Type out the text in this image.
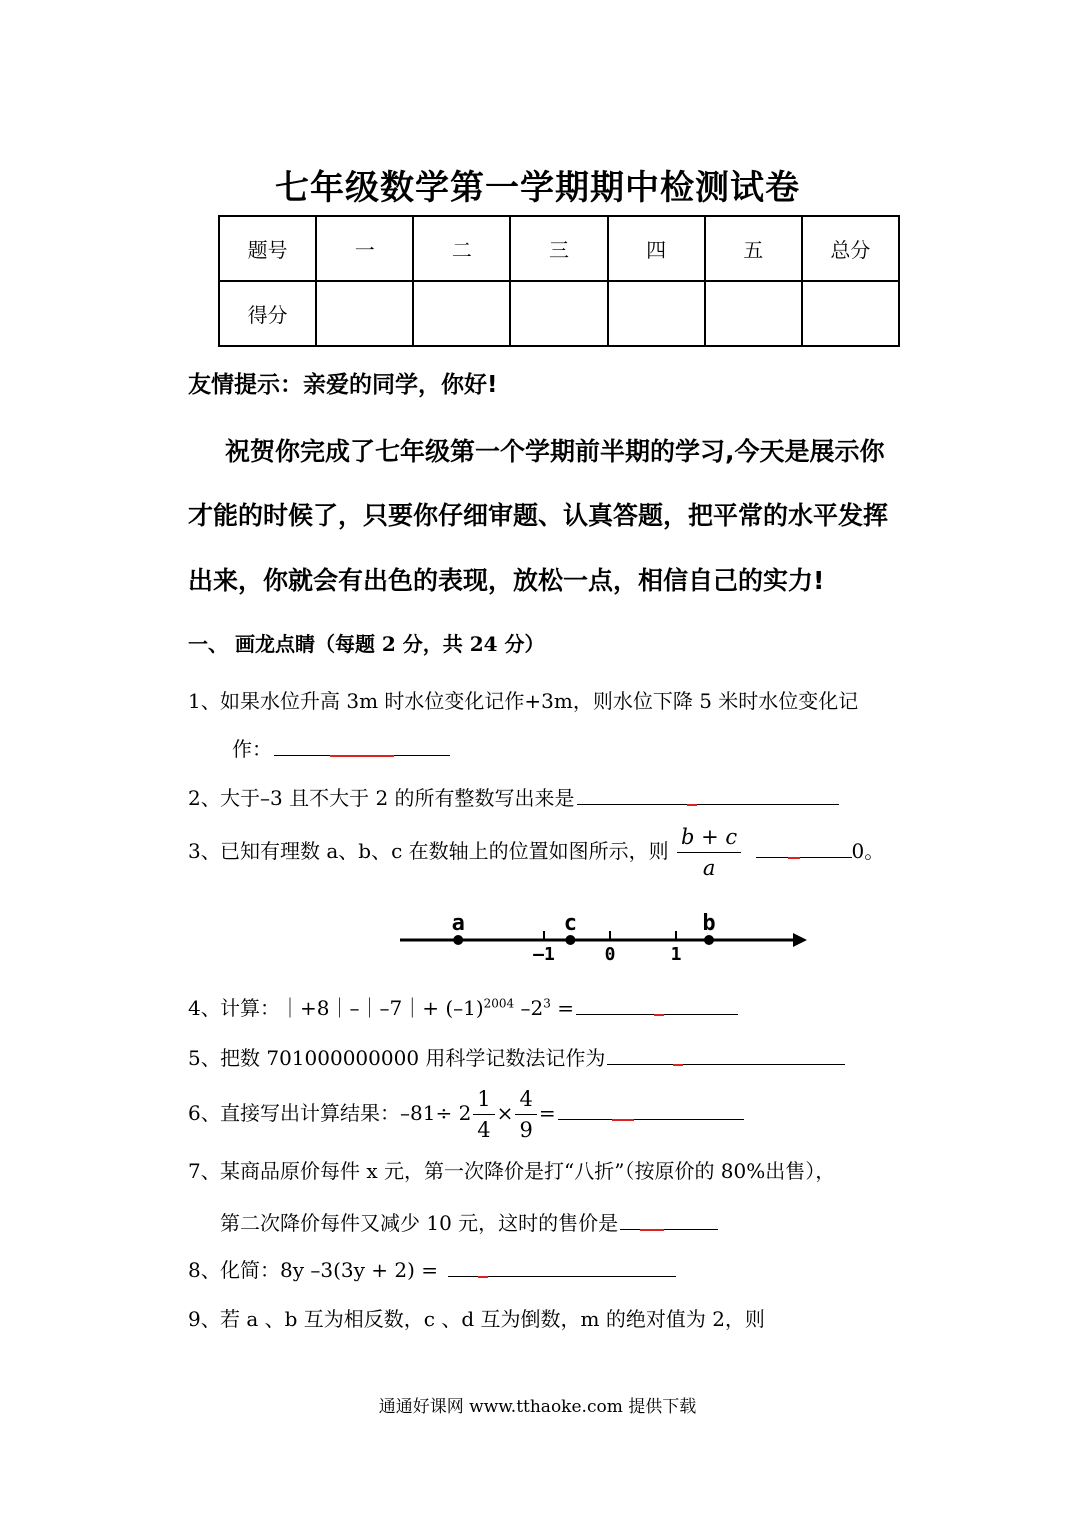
七年级数学第一学期期中检测试卷
题号	一	二	三	四	五	总分
得分						
友情提示：亲爱的同学，你好!
祝贺你完成了七年级第一个学期前半期的学习,今天是展示你
才能的时候了，只要你仔细审题、认真答题，把平常的水平发挥
出来，你就会有出色的表现，放松一点，相信自己的实力!
一、 画龙点睛（每题 2 分，共 24 分）
1、如果水位升高 3m 时水位变化记作+3m，则水位下降 5 米时水位变化记
作：
2、大于–3 且不大于 2 的所有整数写出来是
3、已知有理数 a、b、c 在数轴上的位置如图所示，则 $\frac{b + c}{a}$
	0。
–1	0	1
a	c	b
4、计算：｜+8｜–｜–7｜+ $(-1)^{2004}$ $-2^3$ =
5、把数 701000000000 用科学记数法记作为
6、直接写出计算结果：$-81\div 2 \frac{1}{4} \times \frac{4}{9}$ =
7、某商品原价每件 x 元，第一次降价是打“八折”（按原价的 80%出售），
第二次降价每件又减少 10 元，这时的售价是
8、化简：8y –3(3y + 2) =
9、若 a 、b 互为相反数，c 、d 互为倒数，m 的绝对值为 2，则
通通好课网 www.tthaoke.com 提供下载
